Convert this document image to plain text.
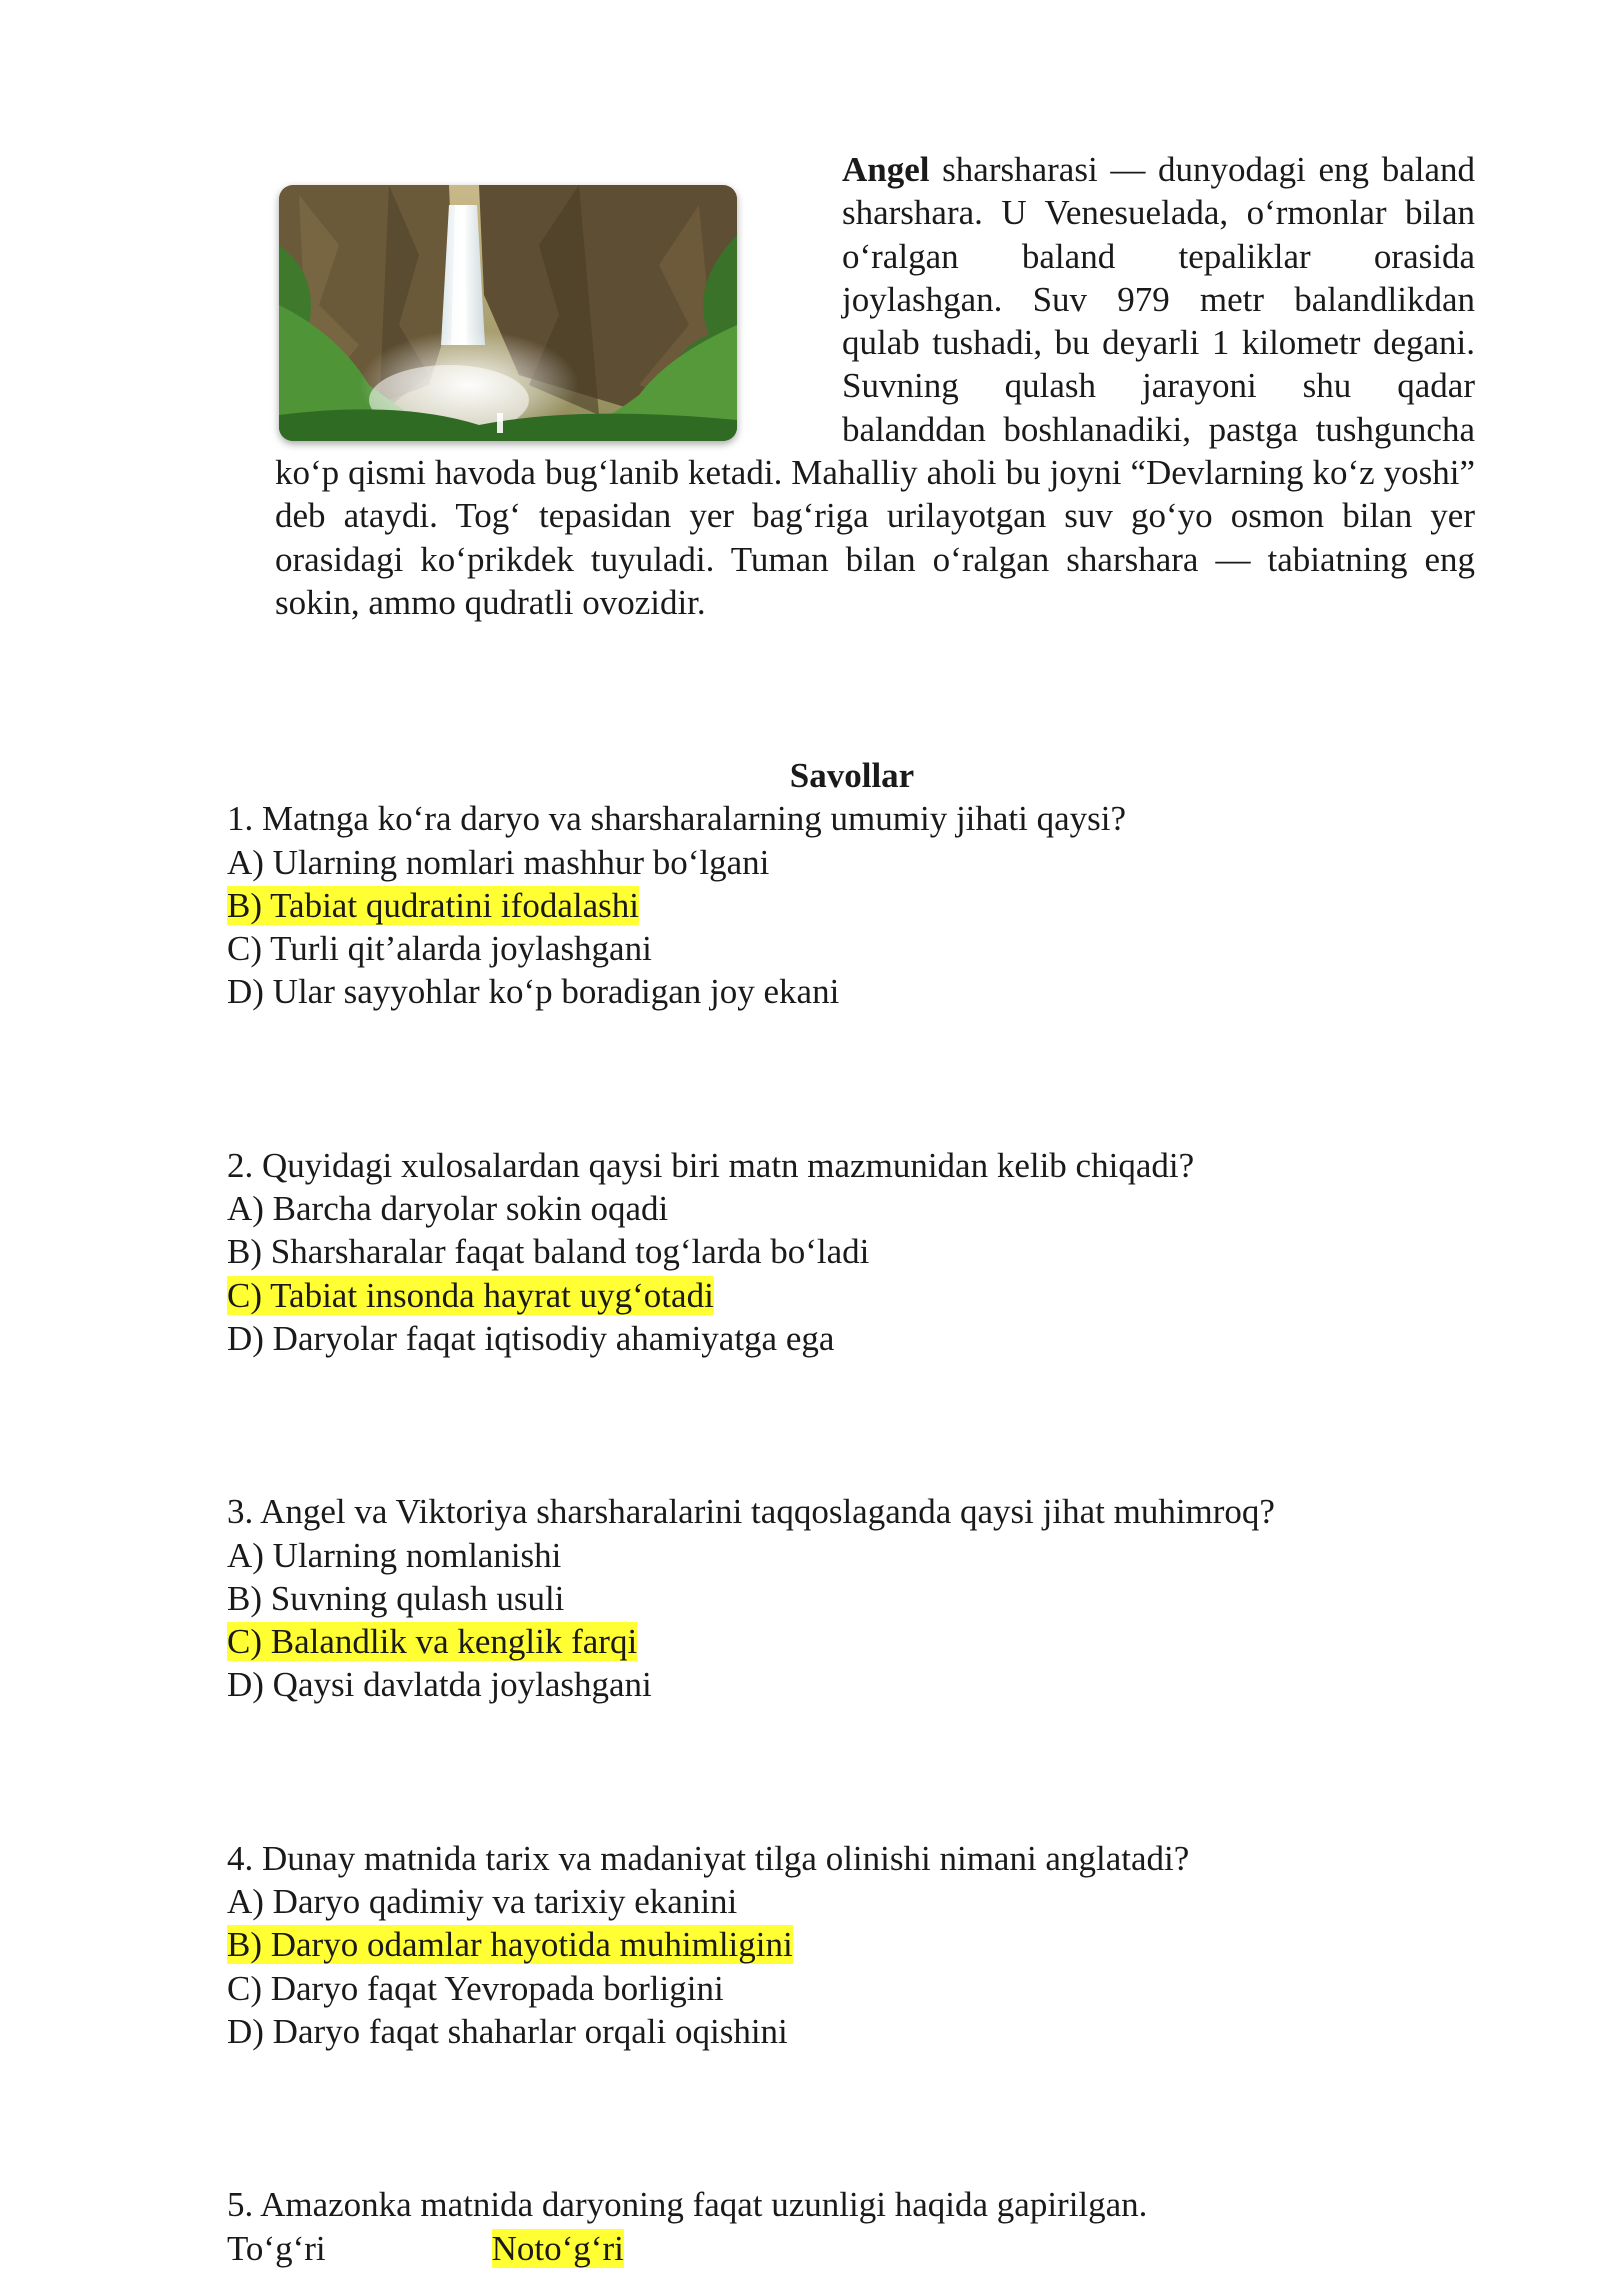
Angel sharsharasi — dunyodagi eng baland sharshara. U Venesuelada, o‘rmonlar bilan o‘ralgan baland tepaliklar orasida joylashgan. Suv 979 metr balandlikdan qulab tushadi, bu deyarli 1 kilometr degani. Suvning qulash jarayoni shu qadar balanddan boshlanadiki, pastga tushguncha ko‘p qismi havoda bug‘lanib ketadi. Mahalliy aholi bu joyni “Devlarning ko‘z yoshi” deb ataydi. Tog‘ tepasidan yer bag‘riga urilayotgan suv go‘yo osmon bilan yer orasidagi ko‘prikdek tuyuladi. Tuman bilan o‘ralgan sharshara — tabiatning eng sokin, ammo qudratli ovozidir.
Savollar
1. Matnga ko‘ra daryo va sharsharalarning umumiy jihati qaysi?
A) Ularning nomlari mashhur bo‘lgani
B) Tabiat qudratini ifodalashi
C) Turli qit’alarda joylashgani
D) Ular sayyohlar ko‘p boradigan joy ekani
2. Quyidagi xulosalardan qaysi biri matn mazmunidan kelib chiqadi?
A) Barcha daryolar sokin oqadi
B) Sharsharalar faqat baland tog‘larda bo‘ladi
C) Tabiat insonda hayrat uyg‘otadi
D) Daryolar faqat iqtisodiy ahamiyatga ega
3. Angel va Viktoriya sharsharalarini taqqoslaganda qaysi jihat muhimroq?
A) Ularning nomlanishi
B) Suvning qulash usuli
C) Balandlik va kenglik farqi
D) Qaysi davlatda joylashgani
4. Dunay matnida tarix va madaniyat tilga olinishi nimani anglatadi?
A) Daryo qadimiy va tarixiy ekanini
B) Daryo odamlar hayotida muhimligini
C) Daryo faqat Yevropada borligini
D) Daryo faqat shaharlar orqali oqishini
5. Amazonka matnida daryoning faqat uzunligi haqida gapirilgan.
To‘g‘ri	Noto‘g‘ri
